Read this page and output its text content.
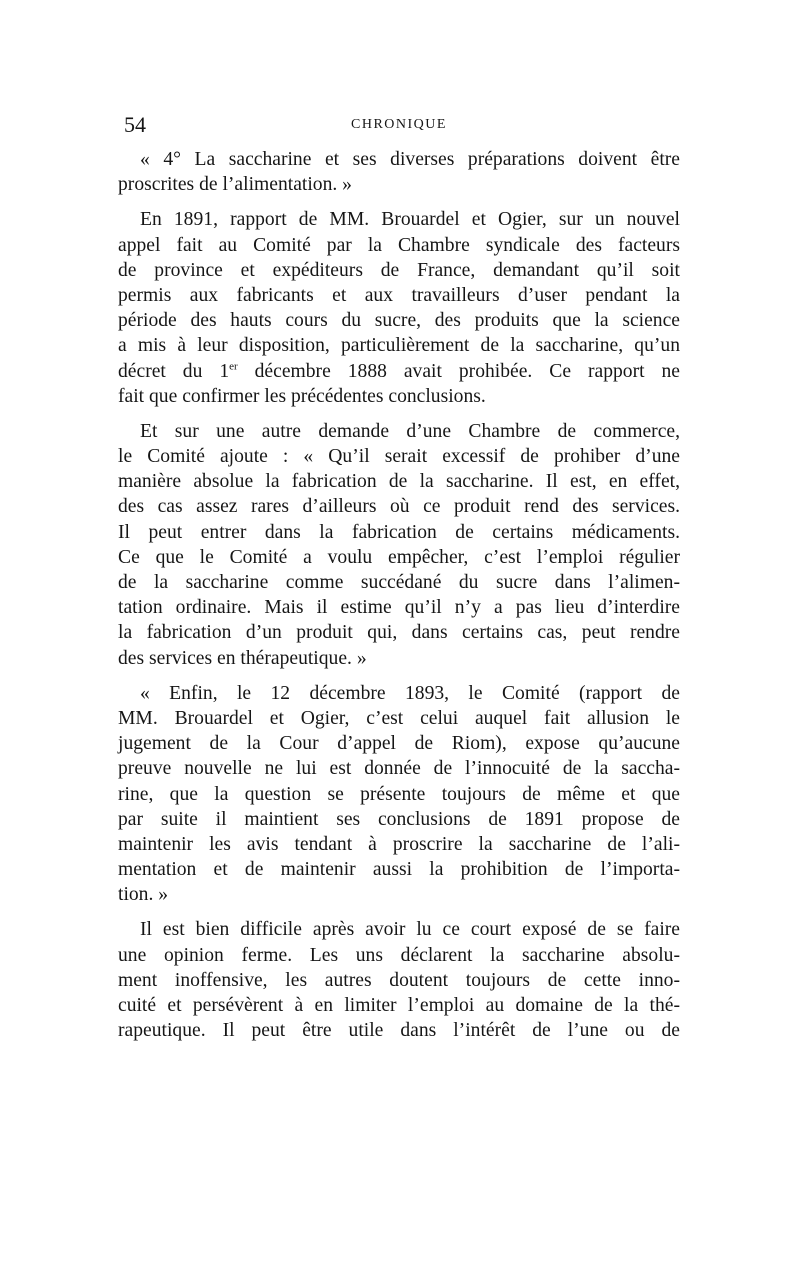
54	CHRONIQUE
« 4° La saccharine et ses diverses préparations doivent être
proscrites de l’alimentation. »
En 1891, rapport de MM. Brouardel et Ogier, sur un nouvel
appel fait au Comité par la Chambre syndicale des facteurs
de province et expéditeurs de France, demandant qu’il soit
permis aux fabricants et aux travailleurs d’user pendant la
période des hauts cours du sucre, des produits que la science
a mis à leur disposition, particulièrement de la saccharine, qu’un
décret du 1er décembre 1888 avait prohibée. Ce rapport ne
fait que confirmer les précédentes conclusions.
Et sur une autre demande d’une Chambre de commerce,
le Comité ajoute : « Qu’il serait excessif de prohiber d’une
manière absolue la fabrication de la saccharine. Il est, en effet,
des cas assez rares d’ailleurs où ce produit rend des services.
Il peut entrer dans la fabrication de certains médicaments.
Ce que le Comité a voulu empêcher, c’est l’emploi régulier
de la saccharine comme succédané du sucre dans l’alimen-
tation ordinaire. Mais il estime qu’il n’y a pas lieu d’interdire
la fabrication d’un produit qui, dans certains cas, peut rendre
des services en thérapeutique. »
« Enfin, le 12 décembre 1893, le Comité (rapport de
MM. Brouardel et Ogier, c’est celui auquel fait allusion le
jugement de la Cour d’appel de Riom), expose qu’aucune
preuve nouvelle ne lui est donnée de l’innocuité de la saccha-
rine, que la question se présente toujours de même et que
par suite il maintient ses conclusions de 1891 propose de
maintenir les avis tendant à proscrire la saccharine de l’ali-
mentation et de maintenir aussi la prohibition de l’importa-
tion. »
Il est bien difficile après avoir lu ce court exposé de se faire
une opinion ferme. Les uns déclarent la saccharine absolu-
ment inoffensive, les autres doutent toujours de cette inno-
cuité et persévèrent à en limiter l’emploi au domaine de la thé-
rapeutique. Il peut être utile dans l’intérêt de l’une ou de
